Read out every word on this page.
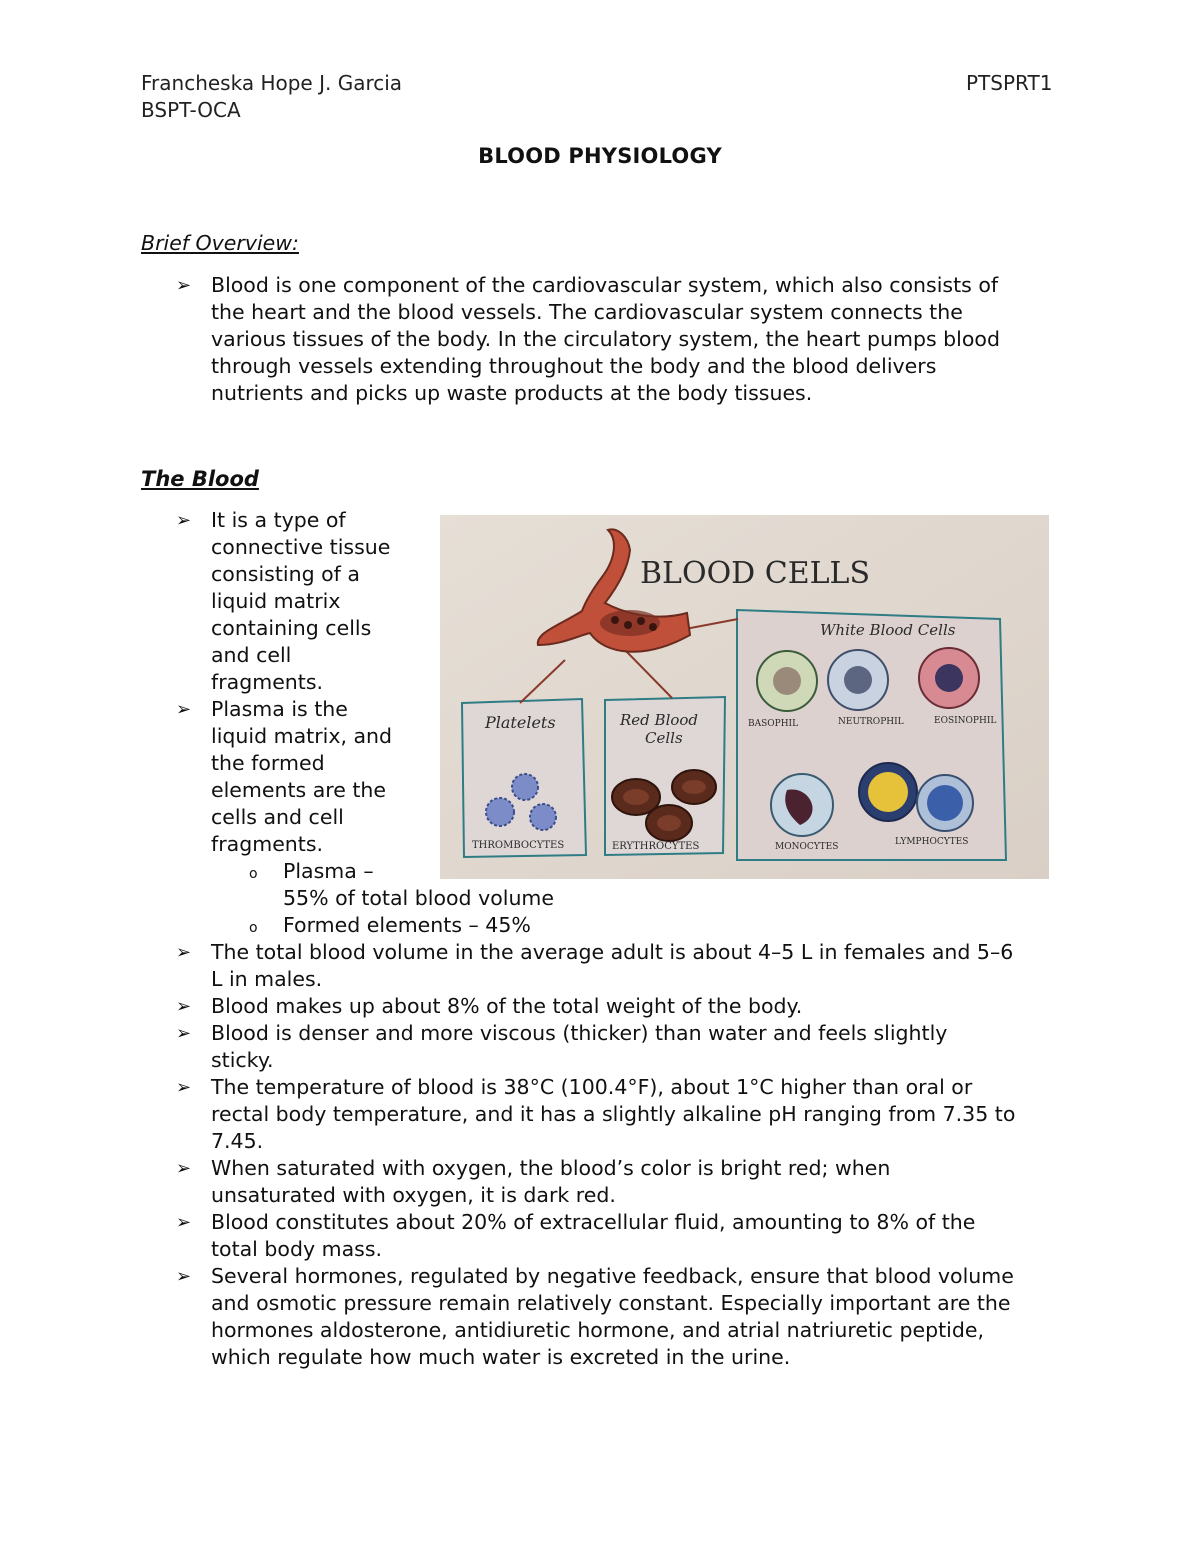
Francheska Hope J. Garcia
BSPT-OCA
PTSPRT1
BLOOD PHYSIOLOGY
Brief Overview:
➢ Blood is one component of the cardiovascular system, which also consists of
the heart and the blood vessels. The cardiovascular system connects the
various tissues of the body. In the circulatory system, the heart pumps blood
through vessels extending throughout the body and the blood delivers
nutrients and picks up waste products at the body tissues.
The Blood
➢ It is a type of
connective tissue
consisting of a
liquid matrix
containing cells
and cell
fragments.
➢ Plasma is the
liquid matrix, and
the formed
elements are the
cells and cell
fragments.
o Plasma –
55% of total blood volume
o Formed elements – 45%
➢ The total blood volume in the average adult is about 4–5 L in females and 5–6
L in males.
➢ Blood makes up about 8% of the total weight of the body.
➢ Blood is denser and more viscous (thicker) than water and feels slightly
sticky.
➢ The temperature of blood is 38°C (100.4°F), about 1°C higher than oral or
rectal body temperature, and it has a slightly alkaline pH ranging from 7.35 to
7.45.
➢ When saturated with oxygen, the blood’s color is bright red; when
unsaturated with oxygen, it is dark red.
➢ Blood constitutes about 20% of extracellular fluid, amounting to 8% of the
total body mass.
➢ Several hormones, regulated by negative feedback, ensure that blood volume
and osmotic pressure remain relatively constant. Especially important are the
hormones aldosterone, antidiuretic hormone, and atrial natriuretic peptide,
which regulate how much water is excreted in the urine.
BLOOD CELLS
White Blood Cells
Platelets	Red Blood
Cells
THROMBOCYTES	ERYTHROCYTES
BASOPHIL	NEUTROPHIL	EOSINOPHIL
MONOCYTES	LYMPHOCYTES
